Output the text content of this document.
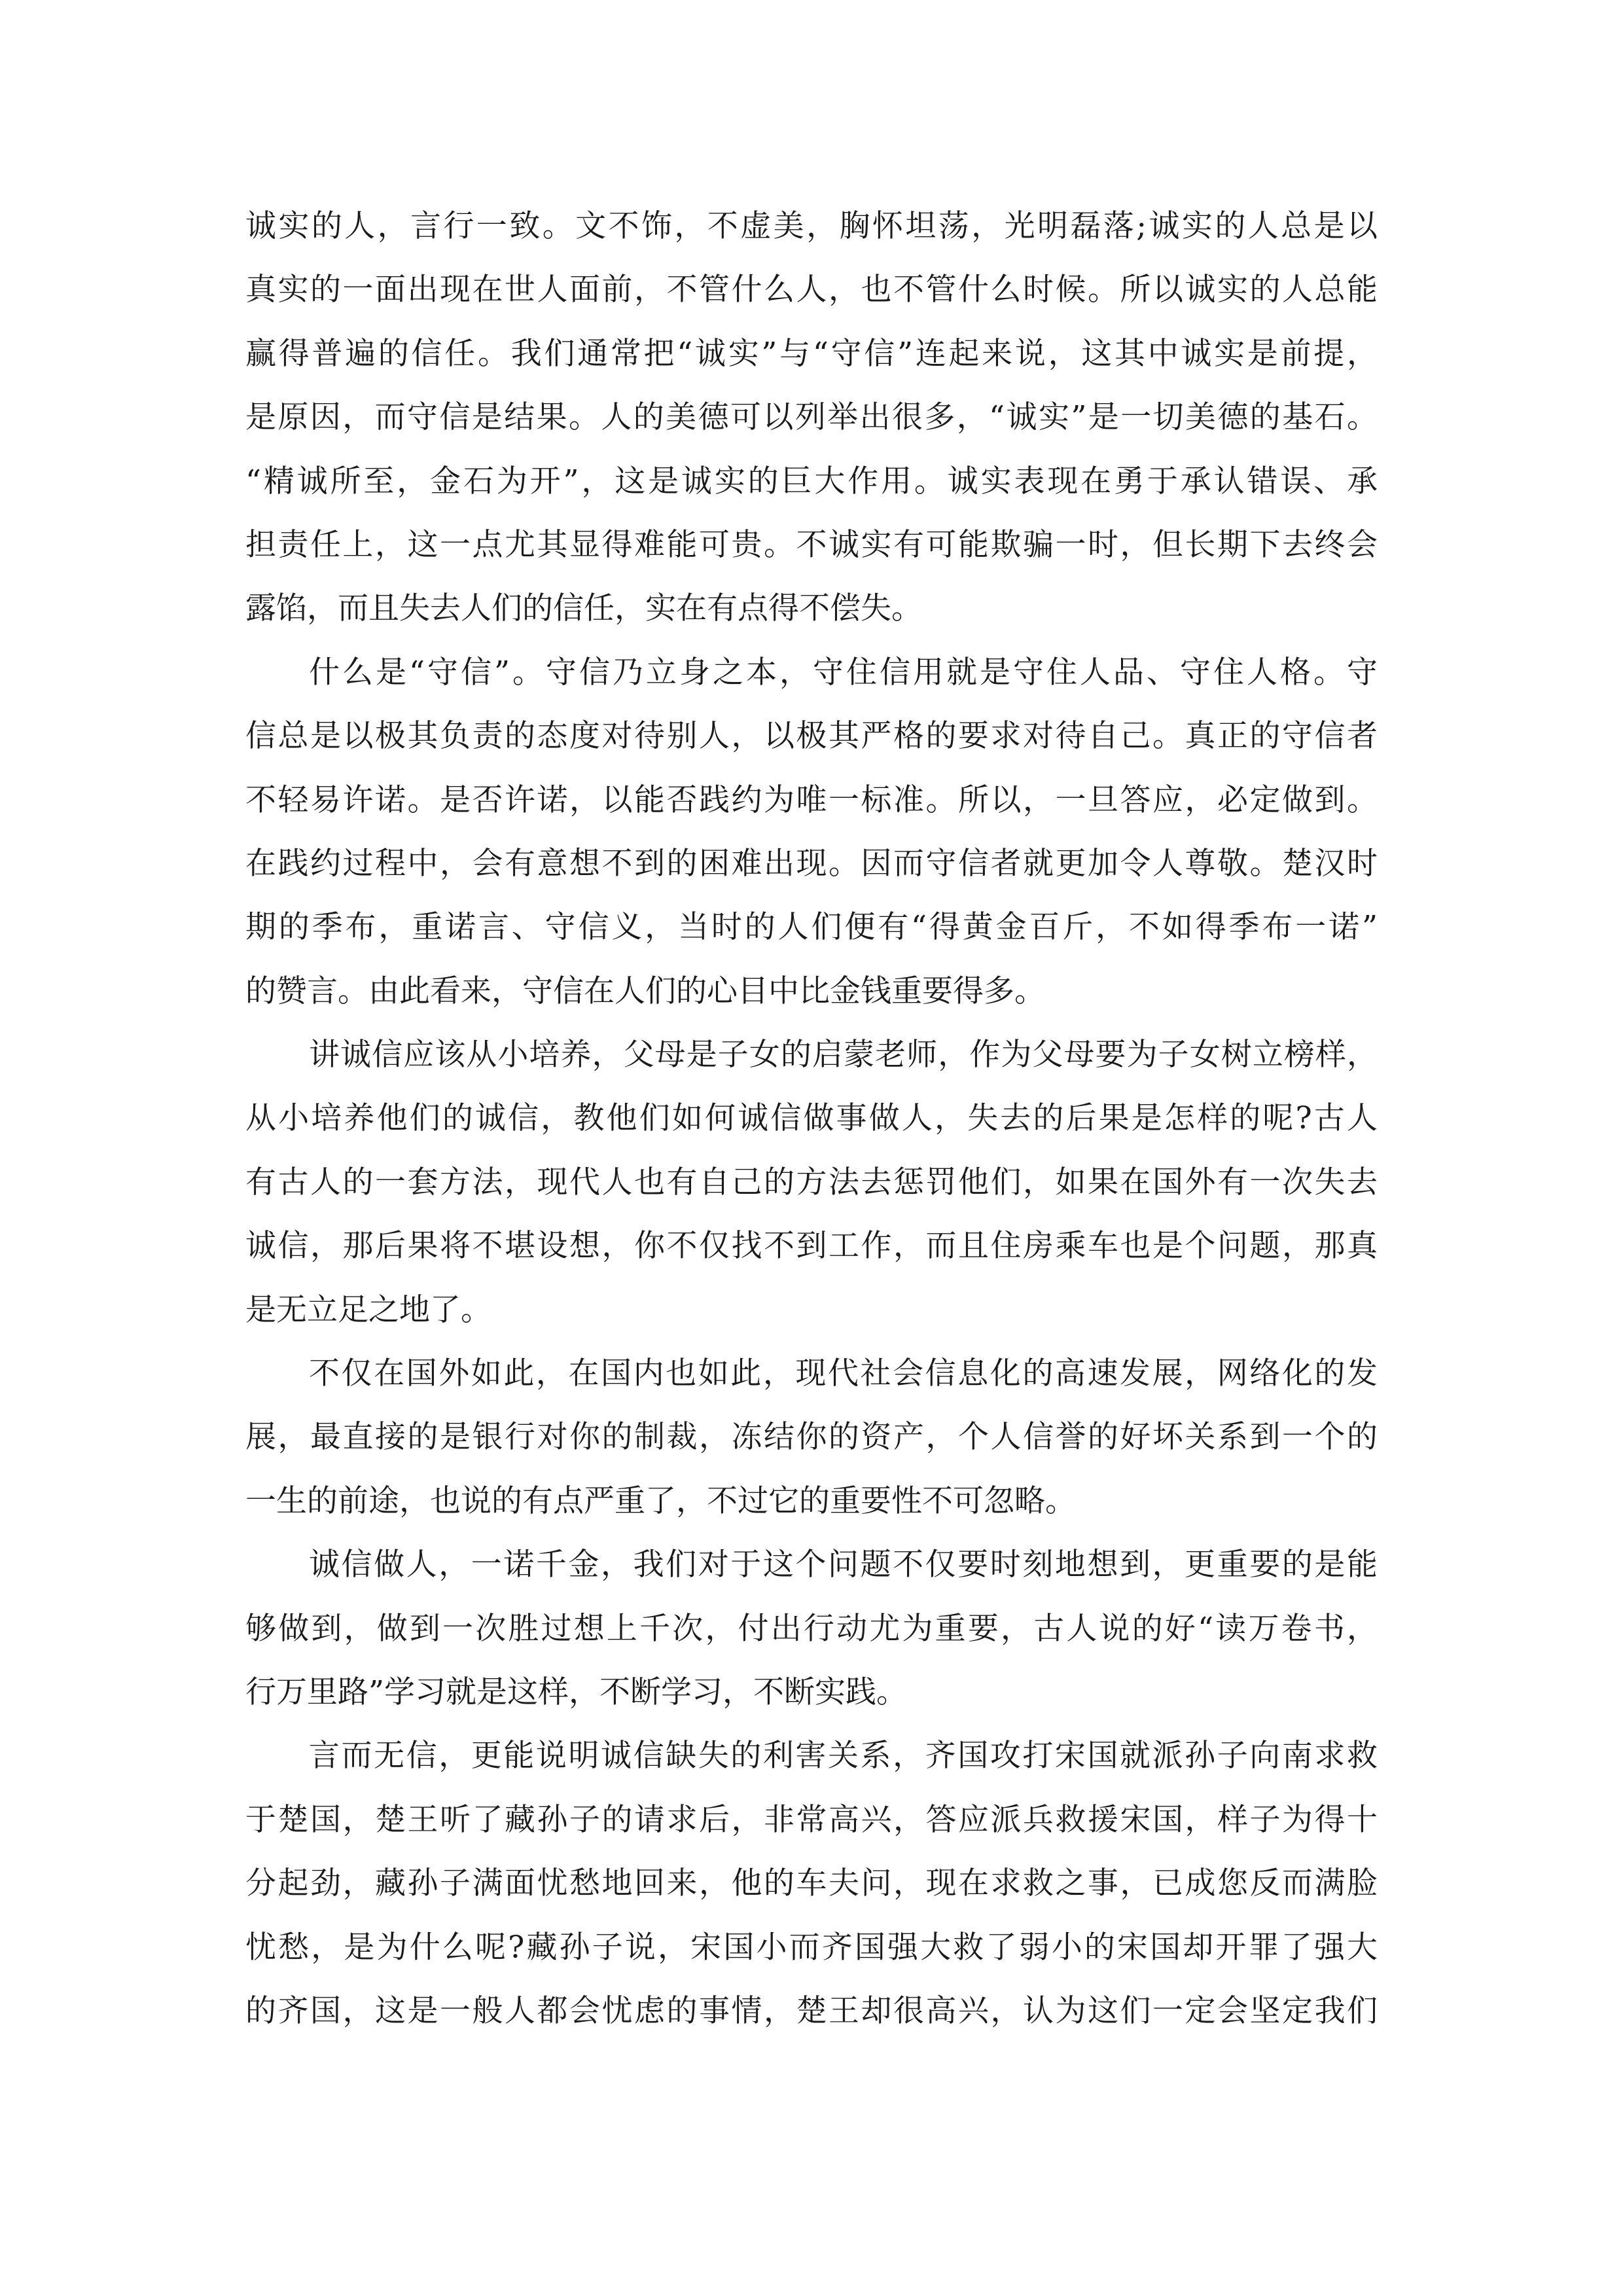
诚实的人，言行一致。文不饰，不虚美，胸怀坦荡，光明磊落;诚实的人总是以
真实的一面出现在世人面前，不管什么人，也不管什么时候。所以诚实的人总能
赢得普遍的信任。我们通常把“诚实”与“守信”连起来说，这其中诚实是前提，
是原因，而守信是结果。人的美德可以列举出很多，“诚实”是一切美德的基石。
“精诚所至，金石为开”，这是诚实的巨大作用。诚实表现在勇于承认错误、承
担责任上，这一点尤其显得难能可贵。不诚实有可能欺骗一时，但长期下去终会
露馅，而且失去人们的信任，实在有点得不偿失。
什么是“守信”。守信乃立身之本，守住信用就是守住人品、守住人格。守
信总是以极其负责的态度对待别人，以极其严格的要求对待自己。真正的守信者
不轻易许诺。是否许诺，以能否践约为唯一标准。所以，一旦答应，必定做到。
在践约过程中，会有意想不到的困难出现。因而守信者就更加令人尊敬。楚汉时
期的季布，重诺言、守信义，当时的人们便有“得黄金百斤，不如得季布一诺”
的赞言。由此看来，守信在人们的心目中比金钱重要得多。
讲诚信应该从小培养，父母是子女的启蒙老师，作为父母要为子女树立榜样，
从小培养他们的诚信，教他们如何诚信做事做人，失去的后果是怎样的呢?古人
有古人的一套方法，现代人也有自己的方法去惩罚他们，如果在国外有一次失去
诚信，那后果将不堪设想，你不仅找不到工作，而且住房乘车也是个问题，那真
是无立足之地了。
不仅在国外如此，在国内也如此，现代社会信息化的高速发展，网络化的发
展，最直接的是银行对你的制裁，冻结你的资产，个人信誉的好坏关系到一个的
一生的前途，也说的有点严重了，不过它的重要性不可忽略。
诚信做人，一诺千金，我们对于这个问题不仅要时刻地想到，更重要的是能
够做到，做到一次胜过想上千次，付出行动尤为重要，古人说的好“读万卷书，
行万里路”学习就是这样，不断学习，不断实践。
言而无信，更能说明诚信缺失的利害关系，齐国攻打宋国就派孙子向南求救
于楚国，楚王听了藏孙子的请求后，非常高兴，答应派兵救援宋国，样子为得十
分起劲，藏孙子满面忧愁地回来，他的车夫问，现在求救之事，已成您反而满脸
忧愁，是为什么呢?藏孙子说，宋国小而齐国强大救了弱小的宋国却开罪了强大
的齐国，这是一般人都会忧虑的事情，楚王却很高兴，认为这们一定会坚定我们
